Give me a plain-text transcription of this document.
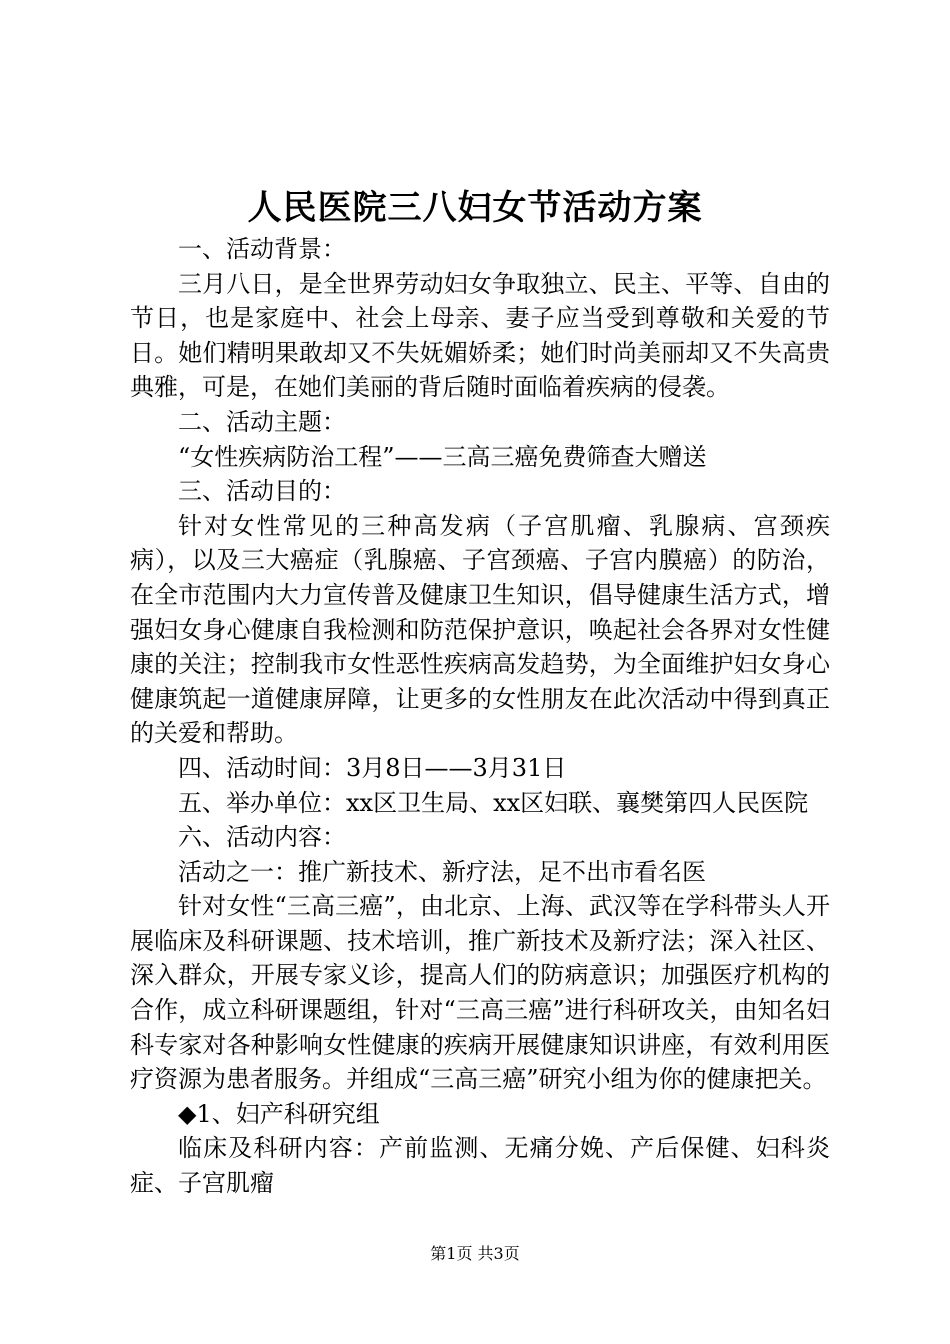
人民医院三八妇女节活动方案

一、活动背景：

三月八日，是全世界劳动妇女争取独立、民主、平等、自由的节日，也是家庭中、社会上母亲、妻子应当受到尊敬和关爱的节日。她们精明果敢却又不失妩媚娇柔；她们时尚美丽却又不失高贵典雅，可是，在她们美丽的背后随时面临着疾病的侵袭。

二、活动主题：

“女性疾病防治工程”——三高三癌免费筛查大赠送

三、活动目的：

针对女性常见的三种高发病（子宫肌瘤、乳腺病、宫颈疾病），以及三大癌症（乳腺癌、子宫颈癌、子宫内膜癌）的防治，在全市范围内大力宣传普及健康卫生知识，倡导健康生活方式，增强妇女身心健康自我检测和防范保护意识，唤起社会各界对女性健康的关注；控制我市女性恶性疾病高发趋势，为全面维护妇女身心健康筑起一道健康屏障，让更多的女性朋友在此次活动中得到真正的关爱和帮助。

四、活动时间：3月8日——3月31日

五、举办单位：xx区卫生局、xx区妇联、襄樊第四人民医院

六、活动内容：

活动之一：推广新技术、新疗法，足不出市看名医

针对女性“三高三癌”，由北京、上海、武汉等在学科带头人开展临床及科研课题、技术培训，推广新技术及新疗法；深入社区、深入群众，开展专家义诊，提高人们的防病意识；加强医疗机构的合作，成立科研课题组，针对“三高三癌”进行科研攻关，由知名妇科专家对各种影响女性健康的疾病开展健康知识讲座，有效利用医疗资源为患者服务。并组成“三高三癌”研究小组为你的健康把关。

◆1、妇产科研究组

临床及科研内容：产前监测、无痛分娩、产后保健、妇科炎症、子宫肌瘤

第1页 共3页
